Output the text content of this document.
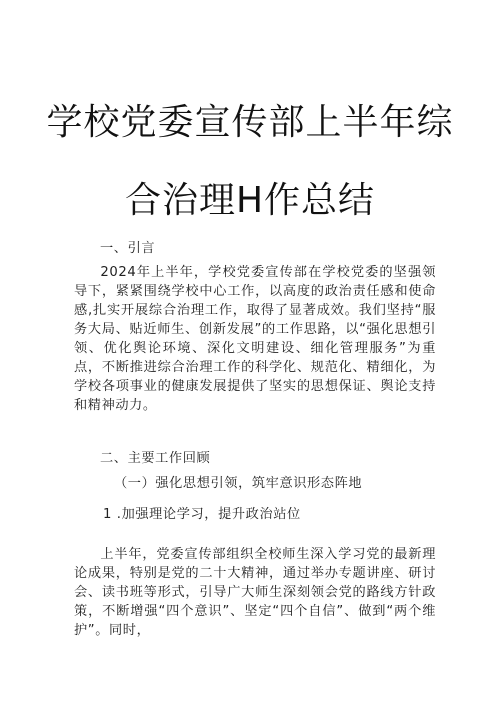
学校党委宣传部上半年综
合治理H作总结
一、引言

2024年上半年，学校党委宣传部在学校党委的坚强领导下，紧紧围绕学校中心工作，以高度的政治责任感和使命感,扎实开展综合治理工作，取得了显著成效。我们坚持“服务大局、贴近师生、创新发展”的工作思路，以“强化思想引领、优化舆论环境、深化文明建设、细化管理服务”为重点，不断推进综合治理工作的科学化、规范化、精细化，为学校各项事业的健康发展提供了坚实的思想保证、舆论支持和精神动力。

二、主要工作回顾
（一）强化思想引领，筑牢意识形态阵地
1 .加强理论学习，提升政治站位

上半年，党委宣传部组织全校师生深入学习党的最新理论成果，特别是党的二十大精神，通过举办专题讲座、研讨会、读书班等形式，引导广大师生深刻领会党的路线方针政策，不断增强“四个意识”、坚定“四个自信”、做到“两个维护”。同时，
